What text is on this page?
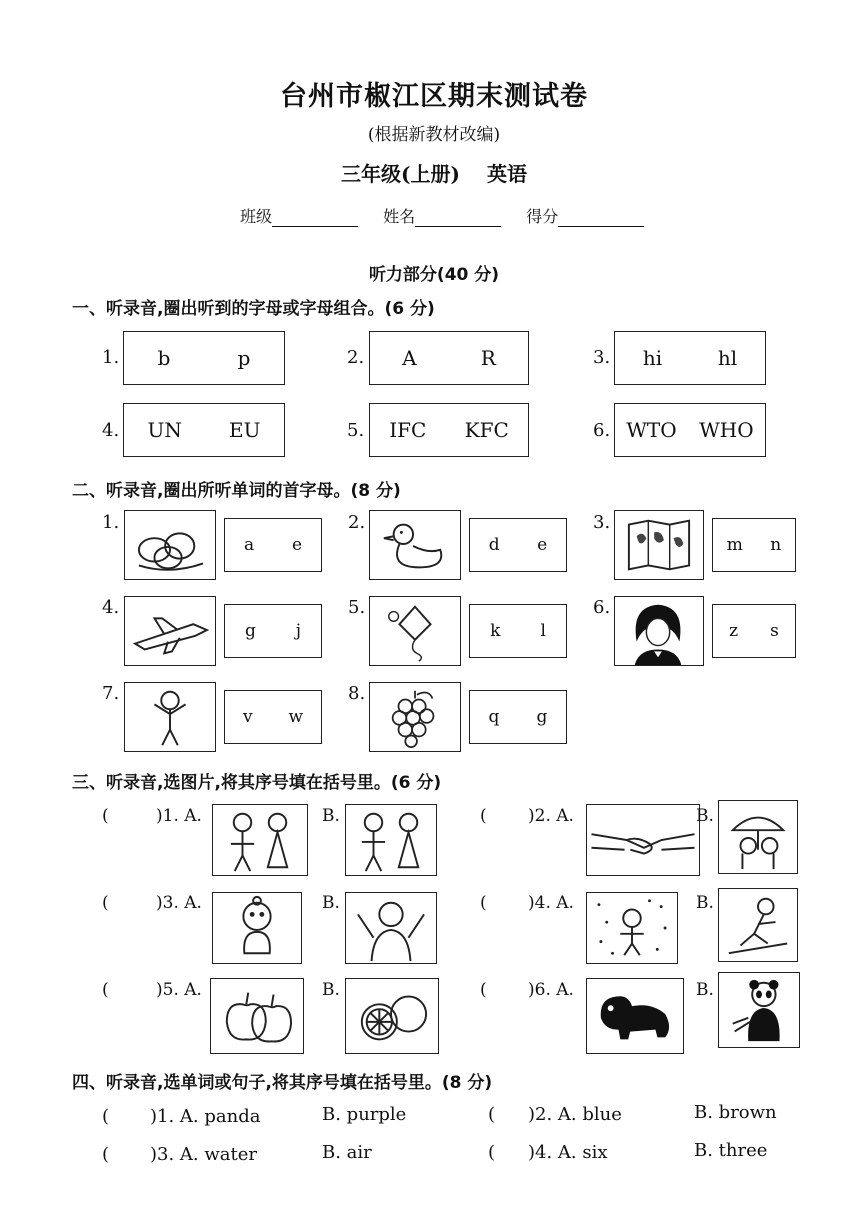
台州市椒江区期末测试卷
(根据新教材改编)
三年级(上册) 英语
班级	姓名	得分
听力部分(40 分)
一、听录音,圈出听到的字母或字母组合。(6 分)
1. b	p	2. A	R	3. hi	hl
4. UN EU	5. IFC KFC	6. WTO WHO
二、听录音,圈出所听单词的首字母。(8 分)
1.
a e
2.
d e
3.
m n
4.
g j
5.
k l
6.
z s
7.
v w
8.
q g
三、听录音,选图片,将其序号填在括号里。(6 分)
(	)1. A.	B.	( )2. A.	B.
(	)3. A.	B.	( )4. A.	B.
(	)5. A.	B.	( )6. A.	B.
四、听录音,选单词或句子,将其序号填在括号里。(8 分)
( )1. A. panda	B. purple	( )2. A. blue	B. brown
( )3. A. water	B. air	( )4. A. six	B. three
